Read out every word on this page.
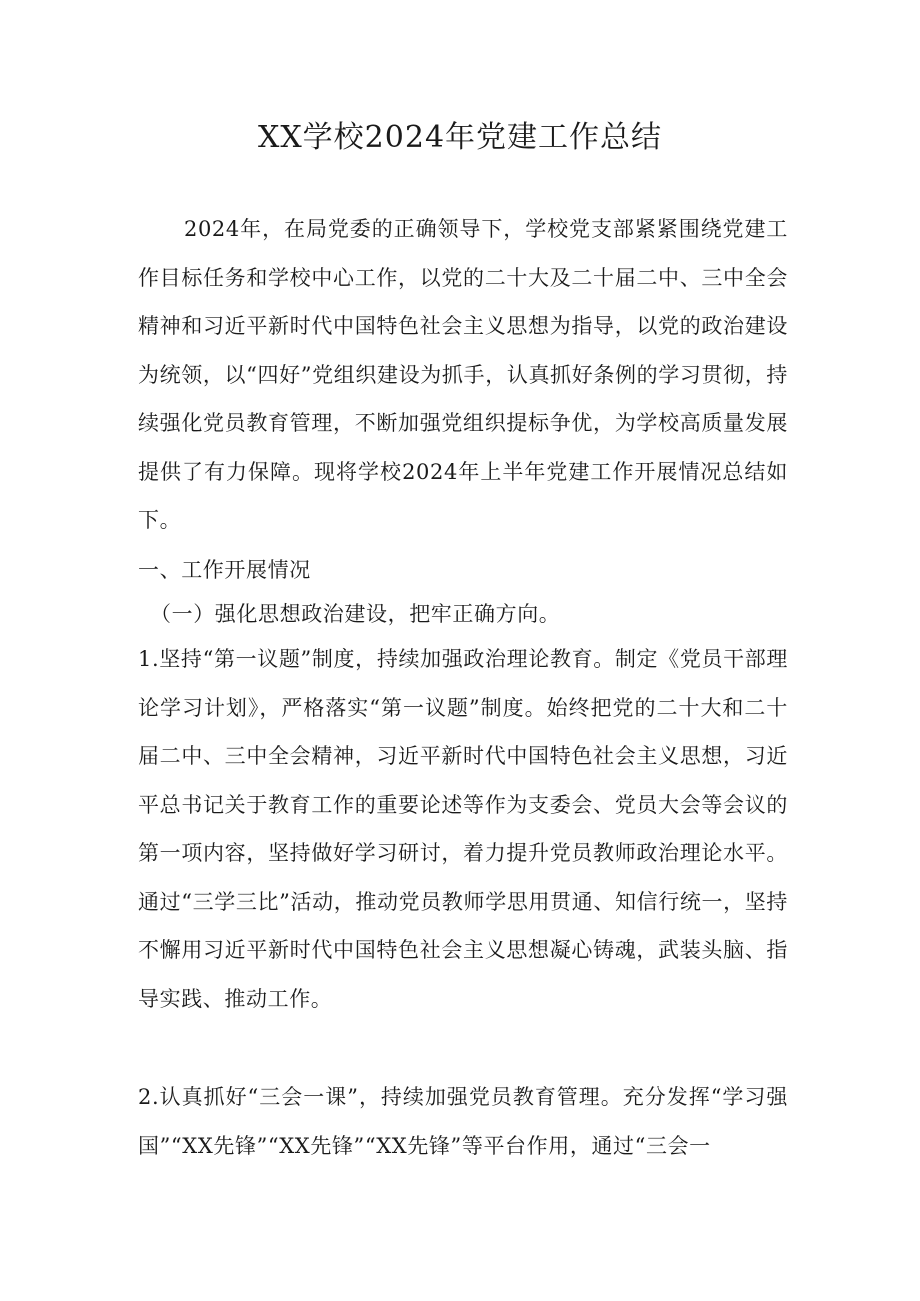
XX学校2024年党建工作总结

2024年，在局党委的正确领导下，学校党支部紧紧围绕党建工作目标任务和学校中心工作，以党的二十大及二十届二中、三中全会精神和习近平新时代中国特色社会主义思想为指导，以党的政治建设为统领，以“四好”党组织建设为抓手，认真抓好条例的学习贯彻，持续强化党员教育管理，不断加强党组织提标争优，为学校高质量发展提供了有力保障。现将学校2024年上半年党建工作开展情况总结如下。

一、工作开展情况
（一）强化思想政治建设，把牢正确方向。

1.坚持“第一议题”制度，持续加强政治理论教育。制定《党员干部理论学习计划》，严格落实“第一议题”制度。始终把党的二十大和二十届二中、三中全会精神，习近平新时代中国特色社会主义思想，习近平总书记关于教育工作的重要论述等作为支委会、党员大会等会议的第一项内容，坚持做好学习研讨，着力提升党员教师政治理论水平。通过“三学三比”活动，推动党员教师学思用贯通、知信行统一，坚持不懈用习近平新时代中国特色社会主义思想凝心铸魂，武装头脑、指导实践、推动工作。

2.认真抓好“三会一课”，持续加强党员教育管理。充分发挥“学习强国”“XX先锋”“XX先锋”“XX先锋”等平台作用，通过“三会一
